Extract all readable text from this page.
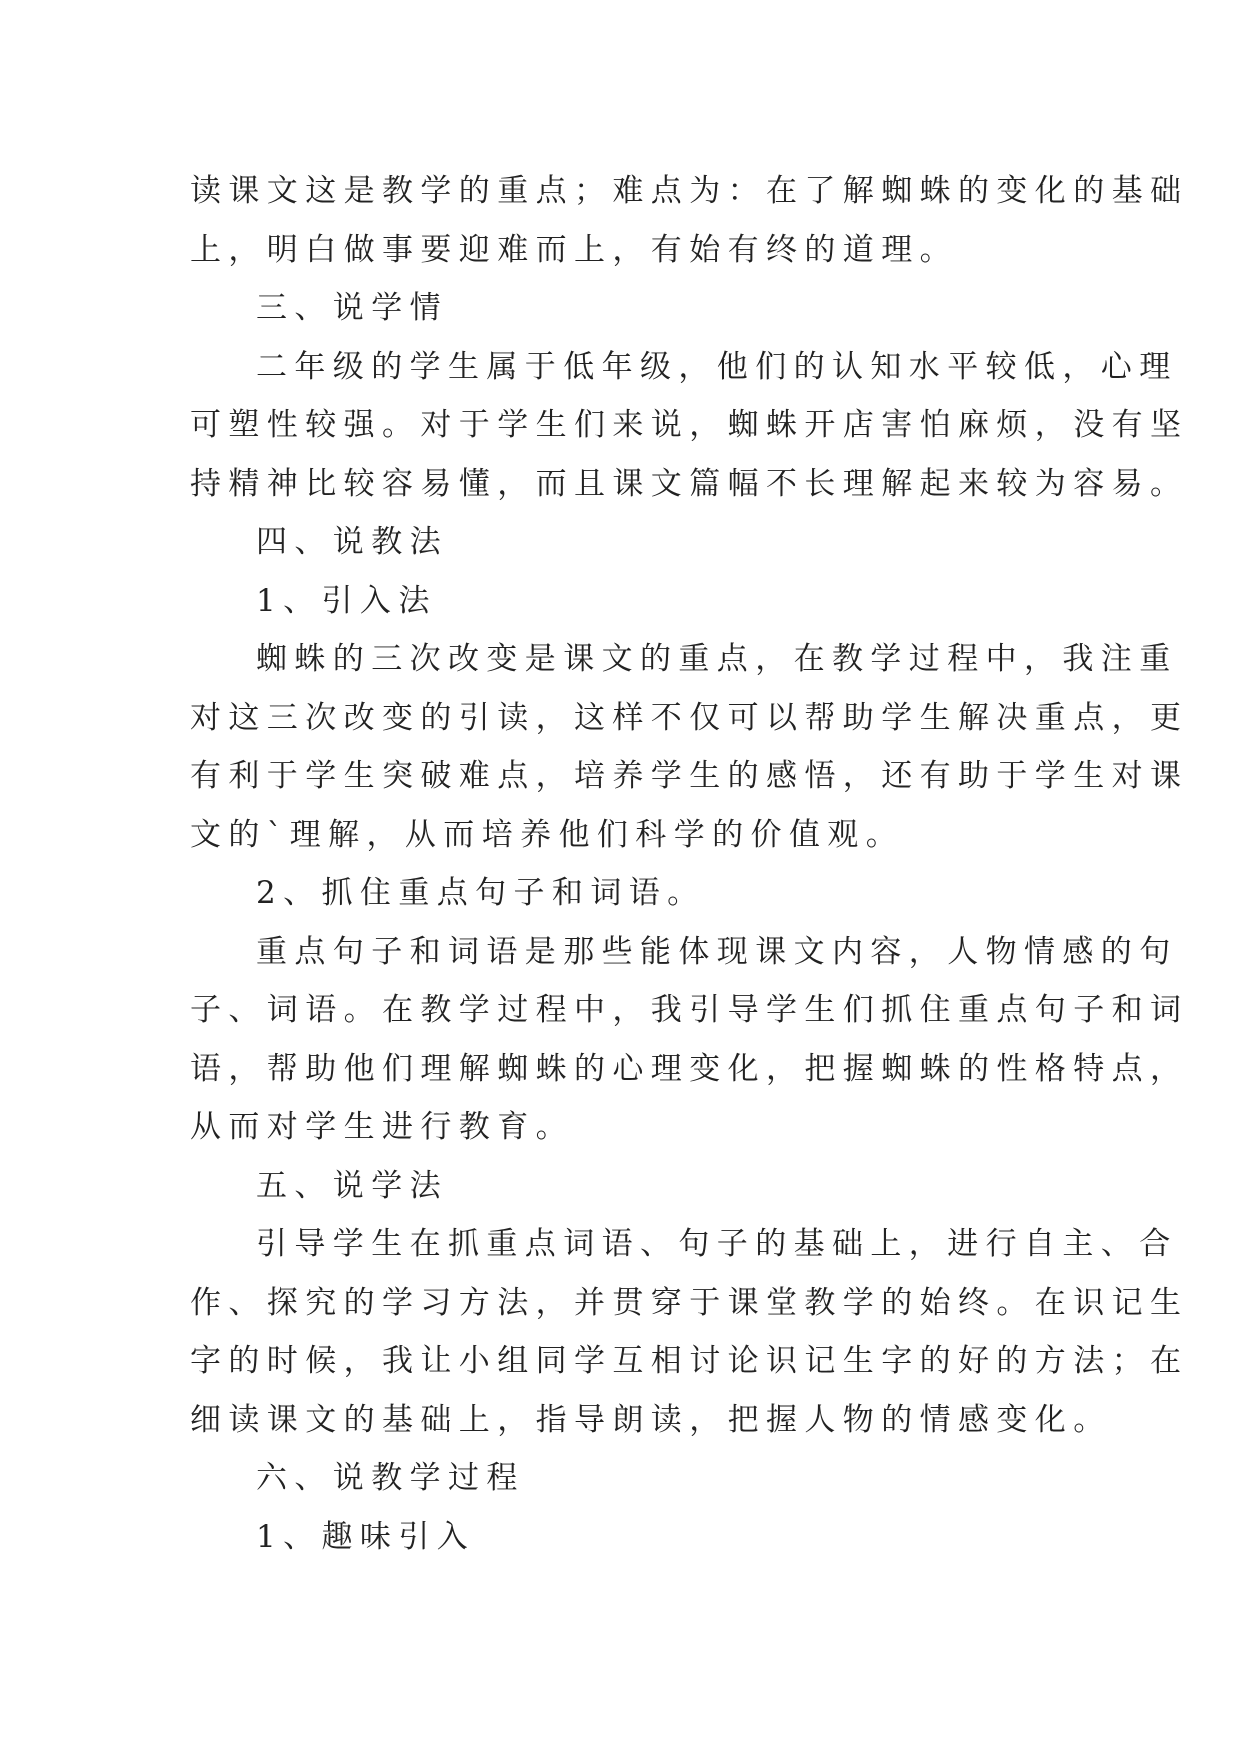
读课文这是教学的重点；难点为：在了解蜘蛛的变化的基础
上，明白做事要迎难而上，有始有终的道理。
三、说学情
二年级的学生属于低年级，他们的认知水平较低，心理
可塑性较强。对于学生们来说，蜘蛛开店害怕麻烦，没有坚
持精神比较容易懂，而且课文篇幅不长理解起来较为容易。
四、说教法
1、引入法
蜘蛛的三次改变是课文的重点，在教学过程中，我注重
对这三次改变的引读，这样不仅可以帮助学生解决重点，更
有利于学生突破难点，培养学生的感悟，还有助于学生对课
文的`理解，从而培养他们科学的价值观。
2、抓住重点句子和词语。
重点句子和词语是那些能体现课文内容，人物情感的句
子、词语。在教学过程中，我引导学生们抓住重点句子和词
语，帮助他们理解蜘蛛的心理变化，把握蜘蛛的性格特点，
从而对学生进行教育。
五、说学法
引导学生在抓重点词语、句子的基础上，进行自主、合
作、探究的学习方法，并贯穿于课堂教学的始终。在识记生
字的时候，我让小组同学互相讨论识记生字的好的方法；在
细读课文的基础上，指导朗读，把握人物的情感变化。
六、说教学过程
1、趣味引入
